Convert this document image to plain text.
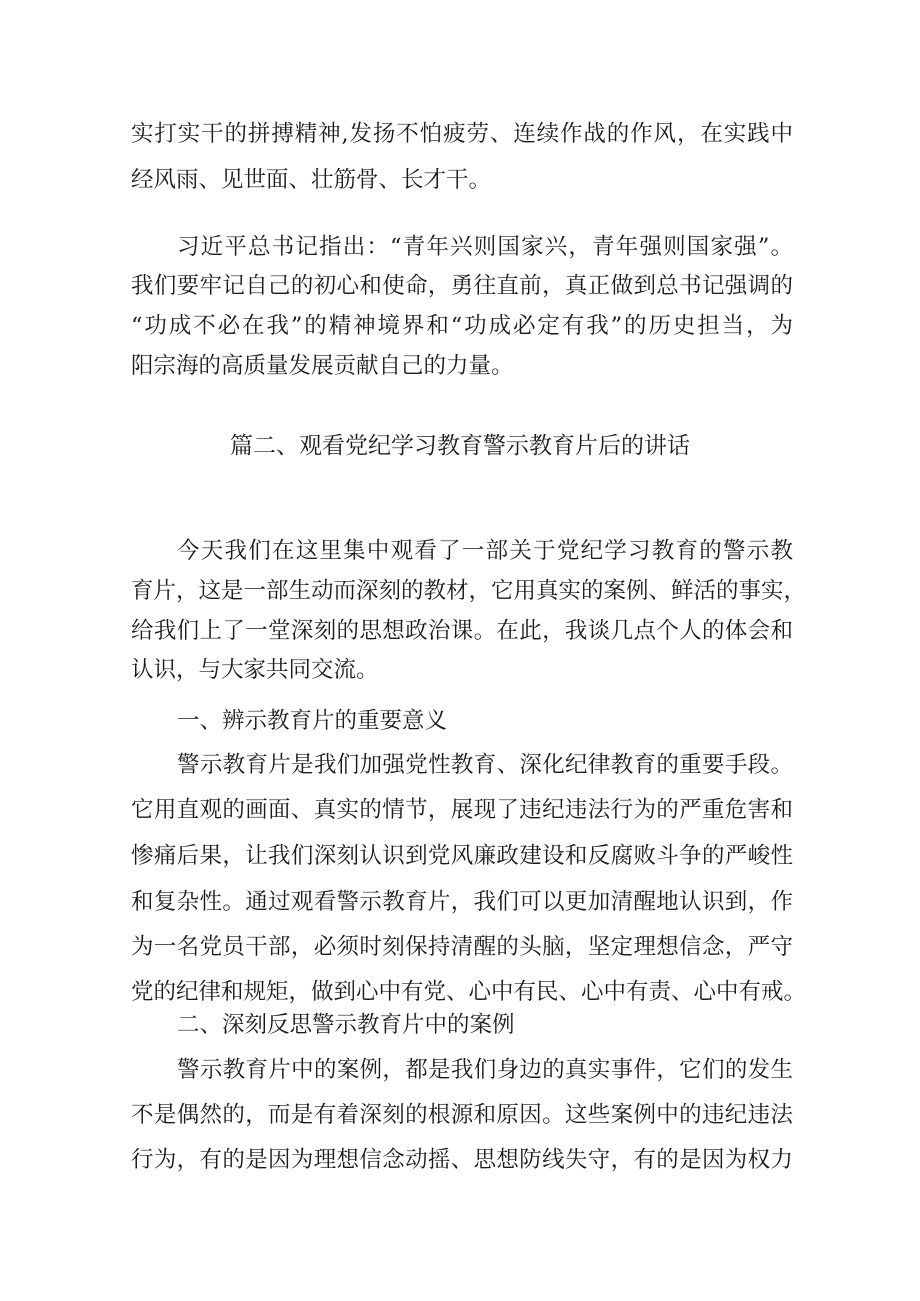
实打实干的拼搏精神,发扬不怕疲劳、连续作战的作风，在实践中
经风雨、见世面、壮筋骨、长才干。
习近平总书记指出：“青年兴则国家兴，青年强则国家强”。
我们要牢记自己的初心和使命，勇往直前，真正做到总书记强调的
“功成不必在我”的精神境界和“功成必定有我”的历史担当，为
阳宗海的高质量发展贡献自己的力量。
篇二、观看党纪学习教育警示教育片后的讲话
今天我们在这里集中观看了一部关于党纪学习教育的警示教
育片，这是一部生动而深刻的教材，它用真实的案例、鲜活的事实，
给我们上了一堂深刻的思想政治课。在此，我谈几点个人的体会和
认识，与大家共同交流。
一、辨示教育片的重要意义
警示教育片是我们加强党性教育、深化纪律教育的重要手段。
它用直观的画面、真实的情节，展现了违纪违法行为的严重危害和
惨痛后果，让我们深刻认识到党风廉政建设和反腐败斗争的严峻性
和复杂性。通过观看警示教育片，我们可以更加清醒地认识到，作
为一名党员干部，必须时刻保持清醒的头脑，坚定理想信念，严守
党的纪律和规矩，做到心中有党、心中有民、心中有责、心中有戒。
二、深刻反思警示教育片中的案例
警示教育片中的案例，都是我们身边的真实事件，它们的发生
不是偶然的，而是有着深刻的根源和原因。这些案例中的违纪违法
行为，有的是因为理想信念动摇、思想防线失守，有的是因为权力
